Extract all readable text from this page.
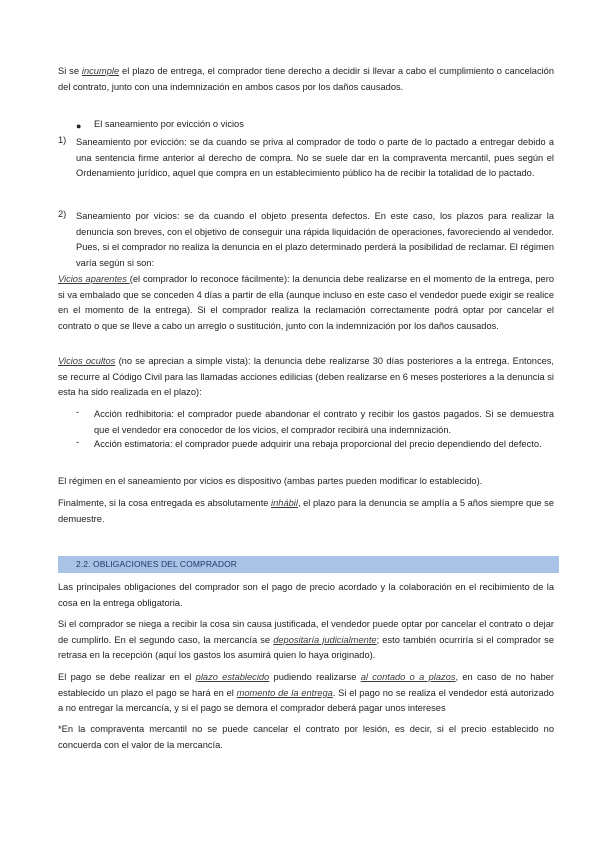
Si se incumple el plazo de entrega, el comprador tiene derecho a decidir si llevar a cabo el cumplimiento o cancelación del contrato, junto con una indemnización en ambos casos por los daños causados.

● El saneamiento por evicción o vicios
1) Saneamiento por evicción: se da cuando se priva al comprador de todo o parte de lo pactado a entregar debido a una sentencia firme anterior al derecho de compra. No se suele dar en la compraventa mercantil, pues según el Ordenamiento jurídico, aquel que compra en un establecimiento público ha de recibir la totalidad de lo pactado.

2) Saneamiento por vicios: se da cuando el objeto presenta defectos. En este caso, los plazos para realizar la denuncia son breves, con el objetivo de conseguir una rápida liquidación de operaciones, favoreciendo al vendedor. Pues, si el comprador no realiza la denuncia en el plazo determinado perderá la posibilidad de reclamar. El régimen varía según si son:

Vicios aparentes (el comprador lo reconoce fácilmente): la denuncia debe realizarse en el momento de la entrega, pero si va embalado que se conceden 4 días a partir de ella (aunque incluso en este caso el vendedor puede exigir se realice en el momento de la entrega). Si el comprador realiza la reclamación correctamente podrá optar por cancelar el contrato o que se lleve a cabo un arreglo o sustitución, junto con la indemnización por los daños causados.

Vicios ocultos (no se aprecian a simple vista): la denuncia debe realizarse 30 días posteriores a la entrega. Entonces, se recurre al Código Civil para las llamadas acciones edilicias (deben realizarse en 6 meses posteriores a la denuncia si esta ha sido realizada en el plazo):

- Acción redhibitoria: el comprador puede abandonar el contrato y recibir los gastos pagados. Si se demuestra que el vendedor era conocedor de los vicios, el comprador recibirá una indemnización.

- Acción estimatoria: el comprador puede adquirir una rebaja proporcional del precio dependiendo del defecto.

El régimen en el saneamiento por vicios es dispositivo (ambas partes pueden modificar lo establecido).

Finalmente, si la cosa entregada es absolutamente inhábil, el plazo para la denuncia se amplía a 5 años siempre que se demuestre.

2.2. OBLIGACIONES DEL COMPRADOR

Las principales obligaciones del comprador son el pago de precio acordado y la colaboración en el recibimiento de la cosa en la entrega obligatoria.

Si el comprador se niega a recibir la cosa sin causa justificada, el vendedor puede optar por cancelar el contrato o dejar de cumplirlo. En el segundo caso, la mercancía se depositaría judicialmente; esto también ocurriría si el comprador se retrasa en la recepción (aquí los gastos los asumirá quien lo haya originado).

El pago se debe realizar en el plazo establecido pudiendo realizarse al contado o a plazos, en caso de no haber establecido un plazo el pago se hará en el momento de la entrega. Si el pago no se realiza el vendedor está autorizado a no entregar la mercancía, y si el pago se demora el comprador deberá pagar unos intereses

*En la compraventa mercantil no se puede cancelar el contrato por lesión, es decir, si el precio establecido no concuerda con el valor de la mercancía.
